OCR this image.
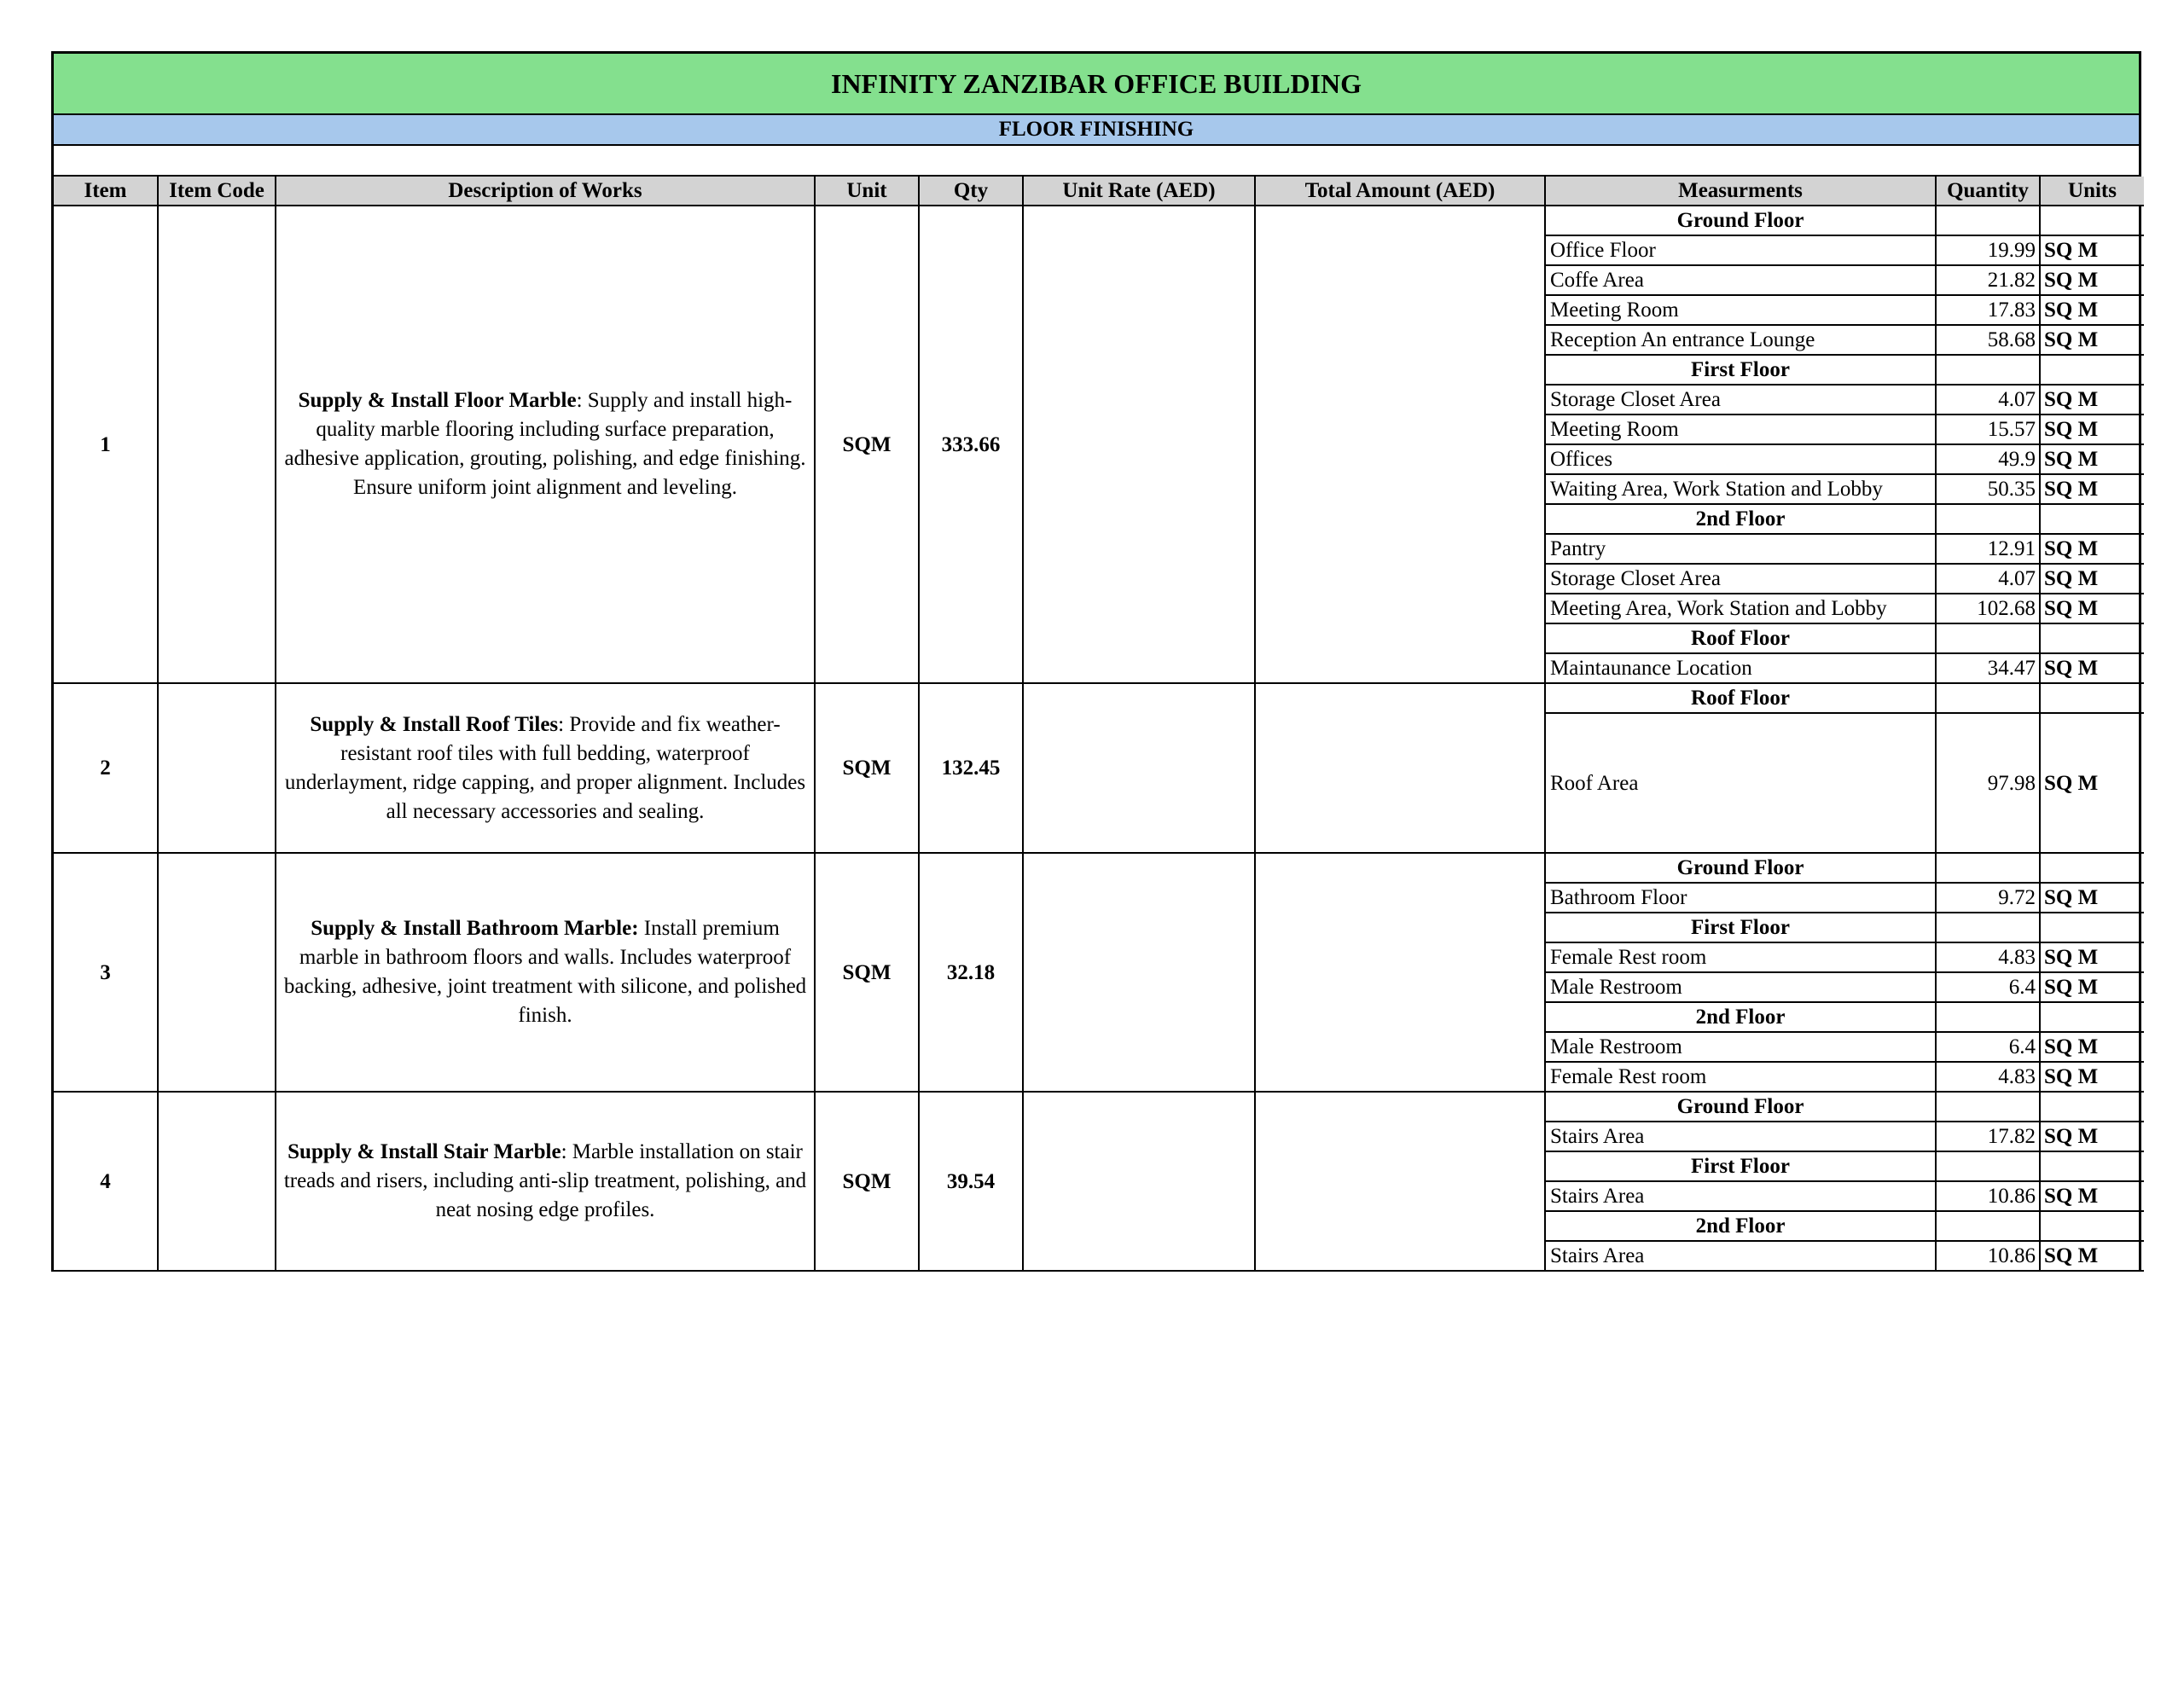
INFINITY ZANZIBAR OFFICE BUILDING
FLOOR FINISHING
Item	Item Code	Description of Works	Unit	Qty	Unit Rate (AED)	Total Amount (AED)	Measurments	Quantity	Units
1		Supply & Install Floor Marble: Supply and install high-quality marble flooring including surface preparation, adhesive application, grouting, polishing, and edge finishing. Ensure uniform joint alignment and leveling.	SQM	333.66			Ground Floor		
							Office Floor	19.99	SQ M
							Coffe Area	21.82	SQ M
							Meeting Room	17.83	SQ M
							Reception An entrance Lounge	58.68	SQ M
							First Floor		
							Storage Closet Area	4.07	SQ M
							Meeting Room	15.57	SQ M
							Offices	49.9	SQ M
							Waiting Area, Work Station and Lobby	50.35	SQ M
							2nd Floor		
							Pantry	12.91	SQ M
							Storage Closet Area	4.07	SQ M
							Meeting Area, Work Station and Lobby	102.68	SQ M
							Roof Floor		
							Maintaunance Location	34.47	SQ M
2		Supply & Install Roof Tiles: Provide and fix weather-resistant roof tiles with full bedding, waterproof underlayment, ridge capping, and proper alignment. Includes all necessary accessories and sealing.	SQM	132.45			Roof Floor		
							Roof Area	97.98	SQ M
3		Supply & Install Bathroom Marble: Install premium marble in bathroom floors and walls. Includes waterproof backing, adhesive, joint treatment with silicone, and polished finish.	SQM	32.18			Ground Floor		
							Bathroom Floor	9.72	SQ M
							First Floor		
							Female Rest room	4.83	SQ M
							Male Restroom	6.4	SQ M
							2nd Floor		
							Male Restroom	6.4	SQ M
							Female Rest room	4.83	SQ M
4		Supply & Install Stair Marble: Marble installation on stair treads and risers, including anti-slip treatment, polishing, and neat nosing edge profiles.	SQM	39.54			Ground Floor		
							Stairs Area	17.82	SQ M
							First Floor		
							Stairs Area	10.86	SQ M
							2nd Floor		
							Stairs Area	10.86	SQ M
